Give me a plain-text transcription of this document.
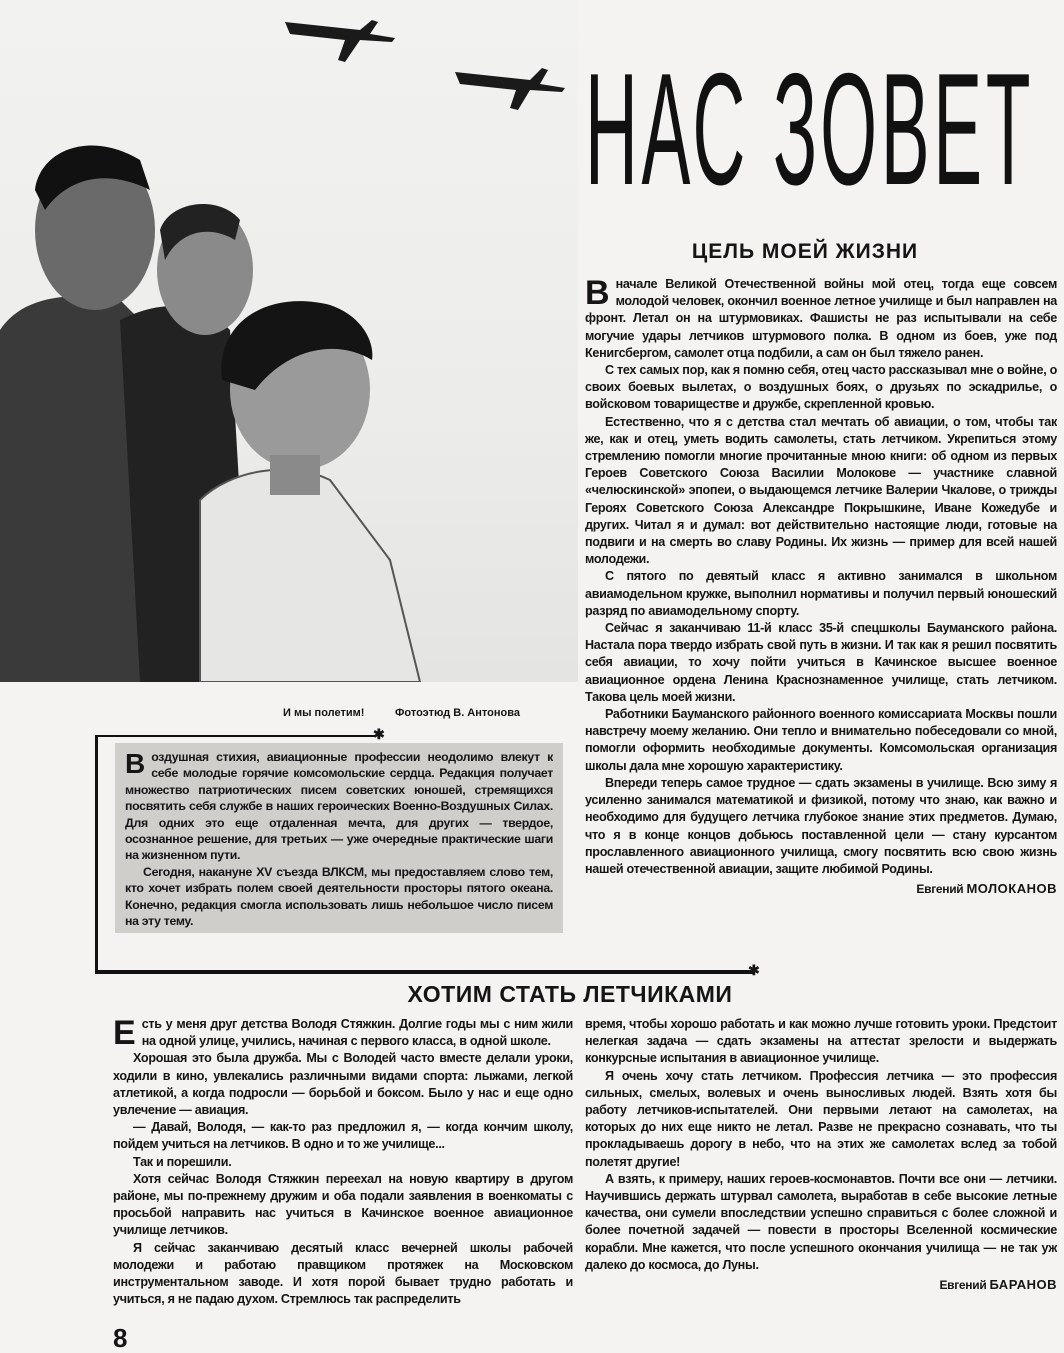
НАС ЗОВЕТ
ЦЕЛЬ МОЕЙ ЖИЗНИ

Вначале Великой Отечественной войны мой отец, тогда еще совсем молодой человек, окончил военное летное училище и был направлен на фронт. Летал он на штурмовиках. Фашисты не раз испытывали на себе могучие удары летчиков штурмового полка. В одном из боев, уже под Кенигсбергом, самолет отца подбили, а сам он был тяжело ранен.

С тех самых пор, как я помню себя, отец часто рассказывал мне о войне, о своих боевых вылетах, о воздушных боях, о друзьях по эскадрилье, о войсковом товариществе и дружбе, скрепленной кровью.

Естественно, что я с детства стал мечтать об авиации, о том, чтобы так же, как и отец, уметь водить самолеты, стать летчиком. Укрепиться этому стремлению помогли многие прочитанные мною книги: об одном из первых Героев Советского Союза Василии Молокове — участнике славной «челюскинской» эпопеи, о выдающемся летчике Валерии Чкалове, о трижды Героях Советского Союза Александре Покрышкине, Иване Кожедубе и других. Читал я и думал: вот действительно настоящие люди, готовые на подвиги и на смерть во славу Родины. Их жизнь — пример для всей нашей молодежи.

С пятого по девятый класс я активно занимался в школьном авиамодельном кружке, выполнил нормативы и получил первый юношеский разряд по авиамодельному спорту.

Сейчас я заканчиваю 11-й класс 35-й спецшколы Бауманского района. Настала пора твердо избрать свой путь в жизни. И так как я решил посвятить себя авиации, то хочу пойти учиться в Качинское высшее военное авиационное ордена Ленина Краснознаменное училище, стать летчиком. Такова цель моей жизни.

Работники Бауманского районного военного комиссариата Москвы пошли навстречу моему желанию. Они тепло и внимательно побеседовали со мной, помогли оформить необходимые документы. Комсомольская организация школы дала мне хорошую характеристику.

Впереди теперь самое трудное — сдать экзамены в училище. Всю зиму я усиленно занимался математикой и физикой, потому что знаю, как важно и необходимо для будущего летчика глубокое знание этих предметов. Думаю, что я в конце концов добьюсь поставленной цели — стану курсантом прославленного авиационного училища, смогу посвятить всю свою жизнь нашей отечественной авиации, защите любимой Родины.

Евгений МОЛОКАНОВ
И мы полетим!	Фотоэтюд В. Антонова
✱
✱

Воздушная стихия, авиационные профессии неодолимо влекут к себе молодые горячие комсомольские сердца. Редакция получает множество патриотических писем советских юношей, стремящихся посвятить себя службе в наших героических Военно-Воздушных Силах. Для одних это еще отдаленная мечта, для других — твердое, осознанное решение, для третьих — уже очередные практические шаги на жизненном пути.

Сегодня, накануне XV съезда ВЛКСМ, мы предоставляем слово тем, кто хочет избрать полем своей деятельности просторы пятого океана. Конечно, редакция смогла использовать лишь небольшое число писем на эту тему.

ХОТИМ СТАТЬ ЛЕТЧИКАМИ

Есть у меня друг детства Володя Стяжкин. Долгие годы мы с ним жили на одной улице, учились, начиная с первого класса, в одной школе.

Хорошая это была дружба. Мы с Володей часто вместе делали уроки, ходили в кино, увлекались различными видами спорта: лыжами, легкой атлетикой, а когда подросли — борьбой и боксом. Было у нас и еще одно увлечение — авиация.

— Давай, Володя, — как-то раз предложил я, — когда кончим школу, пойдем учиться на летчиков. В одно и то же училище...

Так и порешили.

Хотя сейчас Володя Стяжкин переехал на новую квартиру в другом районе, мы по-прежнему дружим и оба подали заявления в военкоматы с просьбой направить нас учиться в Качинское военное авиационное училище летчиков.

Я сейчас заканчиваю десятый класс вечерней школы рабочей молодежи и работаю правщиком протяжек на Московском инструментальном заводе. И хотя порой бывает трудно работать и учиться, я не падаю духом. Стремлюсь так распределить

время, чтобы хорошо работать и как можно лучше готовить уроки. Предстоит нелегкая задача — сдать экзамены на аттестат зрелости и выдержать конкурсные испытания в авиационное училище.

Я очень хочу стать летчиком. Профессия летчика — это профессия сильных, смелых, волевых и очень выносливых людей. Взять хотя бы работу летчиков-испытателей. Они первыми летают на самолетах, на которых до них еще никто не летал. Разве не прекрасно сознавать, что ты прокладываешь дорогу в небо, что на этих же самолетах вслед за тобой полетят другие!

А взять, к примеру, наших героев-космонавтов. Почти все они — летчики. Научившись держать штурвал самолета, выработав в себе высокие летные качества, они сумели впоследствии успешно справиться с более сложной и более почетной задачей — повести в просторы Вселенной космические корабли. Мне кажется, что после успешного окончания училища — не так уж далеко до космоса, до Луны.

Евгений БАРАНОВ
8
